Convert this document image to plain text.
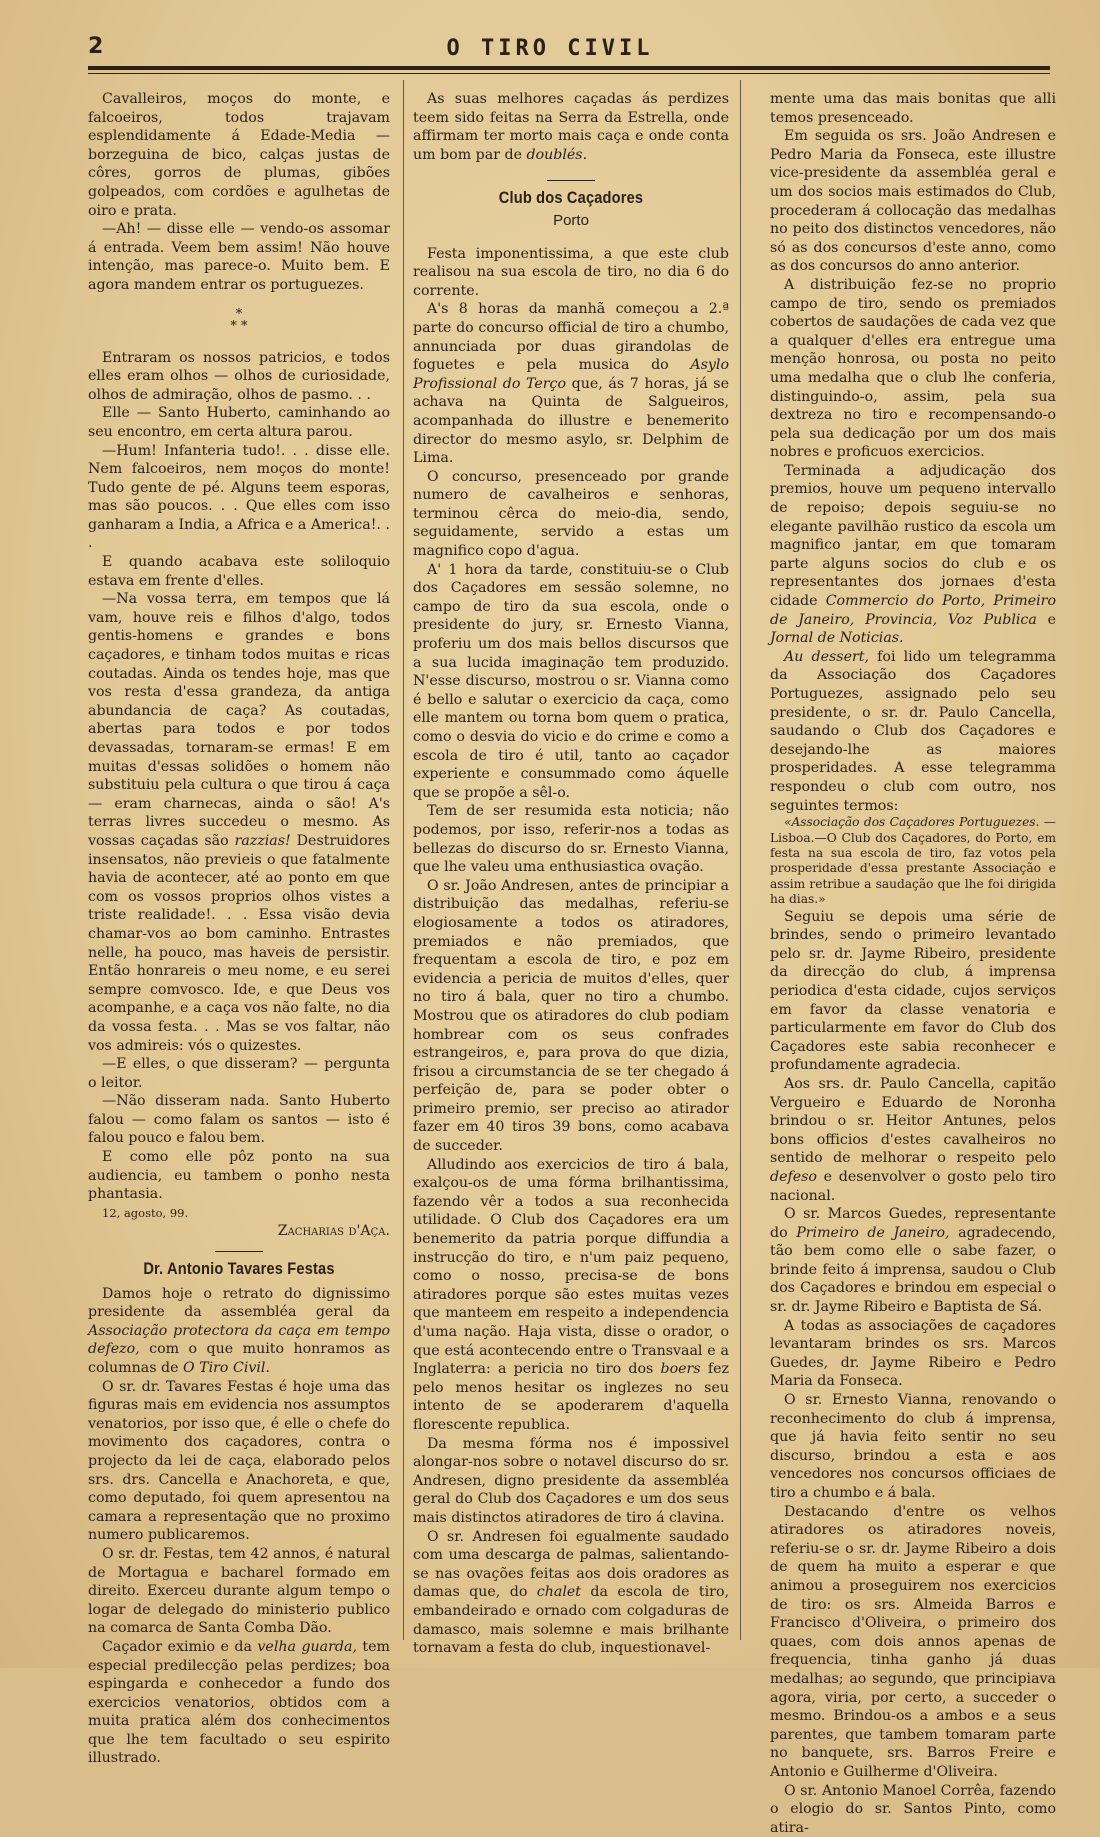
2	O TIRO CIVIL

Cavalleiros, moços do monte, e falcoeiros, todos trajavam esplendidamente á Edade-Media — borzeguina de bico, calças justas de côres, gorros de plumas, gibões golpeados, com cordões e agulhetas de oiro e prata.

—Ah! — disse elle — vendo-os assomar á entrada. Veem bem assim! Não houve intenção, mas parece-o. Muito bem. E agora mandem entrar os portuguezes.

*
* *

Entraram os nossos patricios, e todos elles eram olhos — olhos de curiosidade, olhos de admiração, olhos de pasmo. . .

Elle — Santo Huberto, caminhando ao seu encontro, em certa altura parou.

—Hum! Infanteria tudo!. . . disse elle. Nem falcoeiros, nem moços do monte! Tudo gente de pé. Alguns teem esporas, mas são poucos. . . Que elles com isso ganharam a India, a Africa e a America!. . .

E quando acabava este soliloquio estava em frente d'elles.

—Na vossa terra, em tempos que lá vam, houve reis e filhos d'algo, todos gentis-homens e grandes e bons caçadores, e tinham todos muitas e ricas coutadas. Ainda os tendes hoje, mas que vos resta d'essa grandeza, da antiga abundancia de caça? As coutadas, abertas para todos e por todos devassadas, tornaram-se ermas! E em muitas d'essas solidões o homem não substituiu pela cultura o que tirou á caça — eram charnecas, ainda o são! A's terras livres succedeu o mesmo. As vossas caçadas são razzias! Destruidores insensatos, não previeis o que fatalmente havia de acontecer, até ao ponto em que com os vossos proprios olhos vistes a triste realidade!. . . Essa visão devia chamar-vos ao bom caminho. Entrastes nelle, ha pouco, mas haveis de persistir. Então honrareis o meu nome, e eu serei sempre comvosco. Ide, e que Deus vos acompanhe, e a caça vos não falte, no dia da vossa festa. . . Mas se vos faltar, não vos admireis: vós o quizestes.

—E elles, o que disseram? — pergunta o leitor.

—Não disseram nada. Santo Huberto falou — como falam os santos — isto é falou pouco e falou bem.

E como elle pôz ponto na sua audiencia, eu tambem o ponho nesta phantasia.

12, agosto, 99.

Zacharias d'Aça.

Dr. Antonio Tavares Festas

Damos hoje o retrato do dignissimo presidente da assembléa geral da Associação protectora da caça em tempo defezo, com o que muito honramos as columnas de O Tiro Civil.

O sr. dr. Tavares Festas é hoje uma das figuras mais em evidencia nos assumptos venatorios, por isso que, é elle o chefe do movimento dos caçadores, contra o projecto da lei de caça, elaborado pelos srs. drs. Cancella e Anachoreta, e que, como deputado, foi quem apresentou na camara a representação que no proximo numero publicaremos.

O sr. dr. Festas, tem 42 annos, é natural de Mortagua e bacharel formado em direito. Exerceu durante algum tempo o logar de delegado do ministerio publico na comarca de Santa Comba Dão.

Caçador eximio e da velha guarda, tem especial predilecção pelas perdizes; boa espingarda e conhecedor a fundo dos exercicios venatorios, obtidos com a muita pratica além dos conhecimentos que lhe tem facultado o seu espirito illustrado.

As suas melhores caçadas ás perdizes teem sido feitas na Serra da Estrella, onde affirmam ter morto mais caça e onde conta um bom par de doublés.

Club dos Caçadores
Porto

Festa imponentissima, a que este club realisou na sua escola de tiro, no dia 6 do corrente.

A's 8 horas da manhã começou a 2.ª parte do concurso official de tiro a chumbo, annunciada por duas girandolas de foguetes e pela musica do Asylo Profissional do Terço que, ás 7 horas, já se achava na Quinta de Salgueiros, acompanhada do illustre e benemerito director do mesmo asylo, sr. Delphim de Lima.

O concurso, presenceado por grande numero de cavalheiros e senhoras, terminou cêrca do meio-dia, sendo, seguidamente, servido a estas um magnifico copo d'agua.

A' 1 hora da tarde, constituiu-se o Club dos Caçadores em sessão solemne, no campo de tiro da sua escola, onde o presidente do jury, sr. Ernesto Vianna, proferiu um dos mais bellos discursos que a sua lucida imaginação tem produzido. N'esse discurso, mostrou o sr. Vianna como é bello e salutar o exercicio da caça, como elle mantem ou torna bom quem o pratica, como o desvia do vicio e do crime e como a escola de tiro é util, tanto ao caçador experiente e consummado como áquelle que se propõe a sêl-o.

Tem de ser resumida esta noticia; não podemos, por isso, referir-nos a todas as bellezas do discurso do sr. Ernesto Vianna, que lhe valeu uma enthusiastica ovação.

O sr. João Andresen, antes de principiar a distribuição das medalhas, referiu-se elogiosamente a todos os atiradores, premiados e não premiados, que frequentam a escola de tiro, e poz em evidencia a pericia de muitos d'elles, quer no tiro á bala, quer no tiro a chumbo. Mostrou que os atiradores do club podiam hombrear com os seus confrades estrangeiros, e, para prova do que dizia, frisou a circumstancia de se ter chegado á perfeição de, para se poder obter o primeiro premio, ser preciso ao atirador fazer em 40 tiros 39 bons, como acabava de succeder.

Alludindo aos exercicios de tiro á bala, exalçou-os de uma fórma brilhantissima, fazendo vêr a todos a sua reconhecida utilidade. O Club dos Caçadores era um benemerito da patria porque diffundia a instrucção do tiro, e n'um paiz pequeno, como o nosso, precisa-se de bons atiradores porque são estes muitas vezes que manteem em respeito a independencia d'uma nação. Haja vista, disse o orador, o que está acontecendo entre o Transvaal e a Inglaterra: a pericia no tiro dos boers fez pelo menos hesitar os inglezes no seu intento de se apoderarem d'aquella florescente republica.

Da mesma fórma nos é impossivel alongar-nos sobre o notavel discurso do sr. Andresen, digno presidente da assembléa geral do Club dos Caçadores e um dos seus mais distinctos atiradores de tiro á clavina.

O sr. Andresen foi egualmente saudado com uma descarga de palmas, salientando-se nas ovações feitas aos dois oradores as damas que, do chalet da escola de tiro, embandeirado e ornado com colgaduras de damasco, mais solemne e mais brilhante tornavam a festa do club, inquestionavel-

mente uma das mais bonitas que alli temos presenceado.

Em seguida os srs. João Andresen e Pedro Maria da Fonseca, este illustre vice-presidente da assembléa geral e um dos socios mais estimados do Club, procederam á collocação das medalhas no peito dos distinctos vencedores, não só as dos concursos d'este anno, como as dos concursos do anno anterior.

A distribuição fez-se no proprio campo de tiro, sendo os premiados cobertos de saudações de cada vez que a qualquer d'elles era entregue uma menção honrosa, ou posta no peito uma medalha que o club lhe conferia, distinguindo-o, assim, pela sua dextreza no tiro e recompensando-o pela sua dedicação por um dos mais nobres e proficuos exercicios.

Terminada a adjudicação dos premios, houve um pequeno intervallo de repoiso; depois seguiu-se no elegante pavilhão rustico da escola um magnifico jantar, em que tomaram parte alguns socios do club e os representantes dos jornaes d'esta cidade Commercio do Porto, Primeiro de Janeiro, Provincia, Voz Publica e Jornal de Noticias.

Au dessert, foi lido um telegramma da Associação dos Caçadores Portuguezes, assignado pelo seu presidente, o sr. dr. Paulo Cancella, saudando o Club dos Caçadores e desejando-lhe as maiores prosperidades. A esse telegramma respondeu o club com outro, nos seguintes termos:

«Associação dos Caçadores Portuguezes. — Lisboa.—O Club dos Caçadores, do Porto, em festa na sua escola de tiro, faz votos pela prosperidade d'essa prestante Associação e assim retribue a saudação que lhe foi dirigida ha dias.»

Seguiu se depois uma série de brindes, sendo o primeiro levantado pelo sr. dr. Jayme Ribeiro, presidente da direcção do club, á imprensa periodica d'esta cidade, cujos serviços em favor da classe venatoria e particularmente em favor do Club dos Caçadores este sabia reconhecer e profundamente agradecia.

Aos srs. dr. Paulo Cancella, capitão Vergueiro e Eduardo de Noronha brindou o sr. Heitor Antunes, pelos bons officios d'estes cavalheiros no sentido de melhorar o respeito pelo defeso e desenvolver o gosto pelo tiro nacional.

O sr. Marcos Guedes, representante do Primeiro de Janeiro, agradecendo, tão bem como elle o sabe fazer, o brinde feito á imprensa, saudou o Club dos Caçadores e brindou em especial o sr. dr. Jayme Ribeiro e Baptista de Sá.

A todas as associações de caçadores levantaram brindes os srs. Marcos Guedes, dr. Jayme Ribeiro e Pedro Maria da Fonseca.

O sr. Ernesto Vianna, renovando o reconhecimento do club á imprensa, que já havia feito sentir no seu discurso, brindou a esta e aos vencedores nos concursos officiaes de tiro a chumbo e á bala.

Destacando d'entre os velhos atiradores os atiradores noveis, referiu-se o sr. dr. Jayme Ribeiro a dois de quem ha muito a esperar e que animou a proseguirem nos exercicios de tiro: os srs. Almeida Barros e Francisco d'Oliveira, o primeiro dos quaes, com dois annos apenas de frequencia, tinha ganho já duas medalhas; ao segundo, que principiava agora, viria, por certo, a succeder o mesmo. Brindou-os a ambos e a seus parentes, que tambem tomaram parte no banquete, srs. Barros Freire e Antonio e Guilherme d'Oliveira.

O sr. Antonio Manoel Corrêa, fazendo o elogio do sr. Santos Pinto, como atira-
